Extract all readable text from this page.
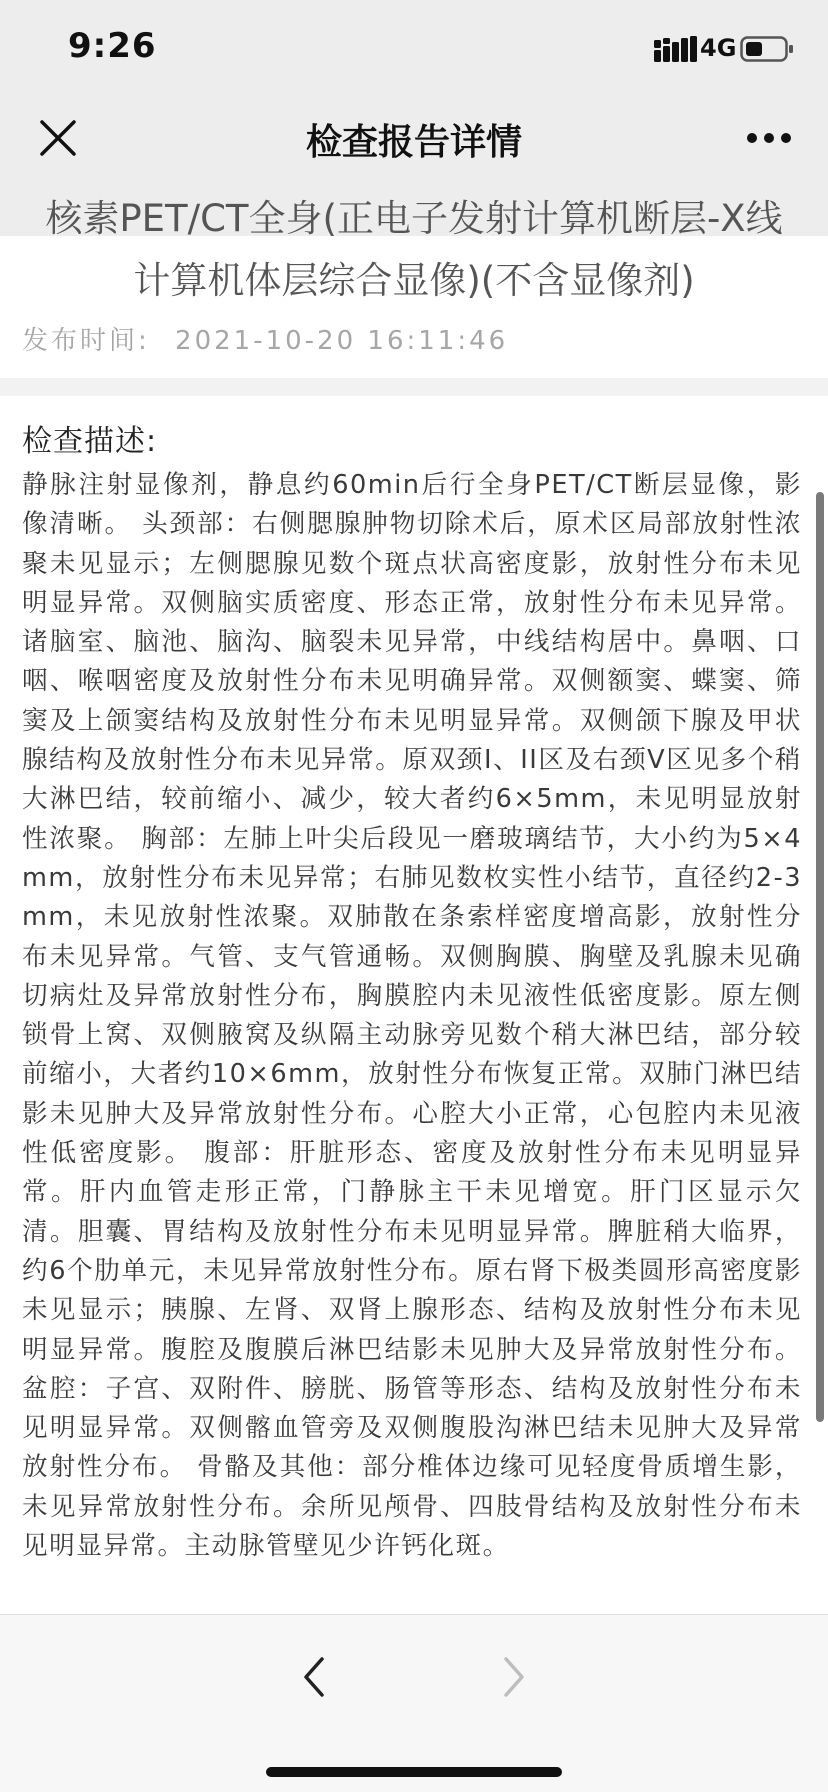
9:26	4G
检查报告详情
核素PET/CT全身(正电子发射计算机断层-X线
计算机体层综合显像)(不含显像剂)
发布时间: 2021-10-20 16:11:46
检查描述:
静脉注射显像剂，静息约60min后行全身PET/CT断层显像，影像清晰。 头颈部：右侧腮腺肿物切除术后，原术区局部放射性浓聚未见显示；左侧腮腺见数个斑点状高密度影，放射性分布未见明显异常。双侧脑实质密度、形态正常，放射性分布未见异常。诸脑室、脑池、脑沟、脑裂未见异常，中线结构居中。鼻咽、口咽、喉咽密度及放射性分布未见明确异常。双侧额窦、蝶窦、筛窦及上颌窦结构及放射性分布未见明显异常。双侧颌下腺及甲状腺结构及放射性分布未见异常。原双颈I、II区及右颈V区见多个稍大淋巴结，较前缩小、减少，较大者约6×5mm，未见明显放射性浓聚。 胸部：左肺上叶尖后段见一磨玻璃结节，大小约为5×4mm，放射性分布未见异常；右肺见数枚实性小结节，直径约2-3mm，未见放射性浓聚。双肺散在条索样密度增高影，放射性分布未见异常。气管、支气管通畅。双侧胸膜、胸壁及乳腺未见确切病灶及异常放射性分布，胸膜腔内未见液性低密度影。原左侧锁骨上窝、双侧腋窝及纵隔主动脉旁见数个稍大淋巴结，部分较前缩小，大者约10×6mm，放射性分布恢复正常。双肺门淋巴结影未见肿大及异常放射性分布。心腔大小正常，心包腔内未见液性低密度影。 腹部：肝脏形态、密度及放射性分布未见明显异常。肝内血管走形正常，门静脉主干未见增宽。肝门区显示欠清。胆囊、胃结构及放射性分布未见明显异常。脾脏稍大临界，约6个肋单元，未见异常放射性分布。原右肾下极类圆形高密度影未见显示；胰腺、左肾、双肾上腺形态、结构及放射性分布未见明显异常。腹腔及腹膜后淋巴结影未见肿大及异常放射性分布。 盆腔：子宫、双附件、膀胱、肠管等形态、结构及放射性分布未见明显异常。双侧髂血管旁及双侧腹股沟淋巴结未见肿大及异常放射性分布。 骨骼及其他：部分椎体边缘可见轻度骨质增生影，未见异常放射性分布。余所见颅骨、四肢骨结构及放射性分布未见明显异常。主动脉管壁见少许钙化斑。
